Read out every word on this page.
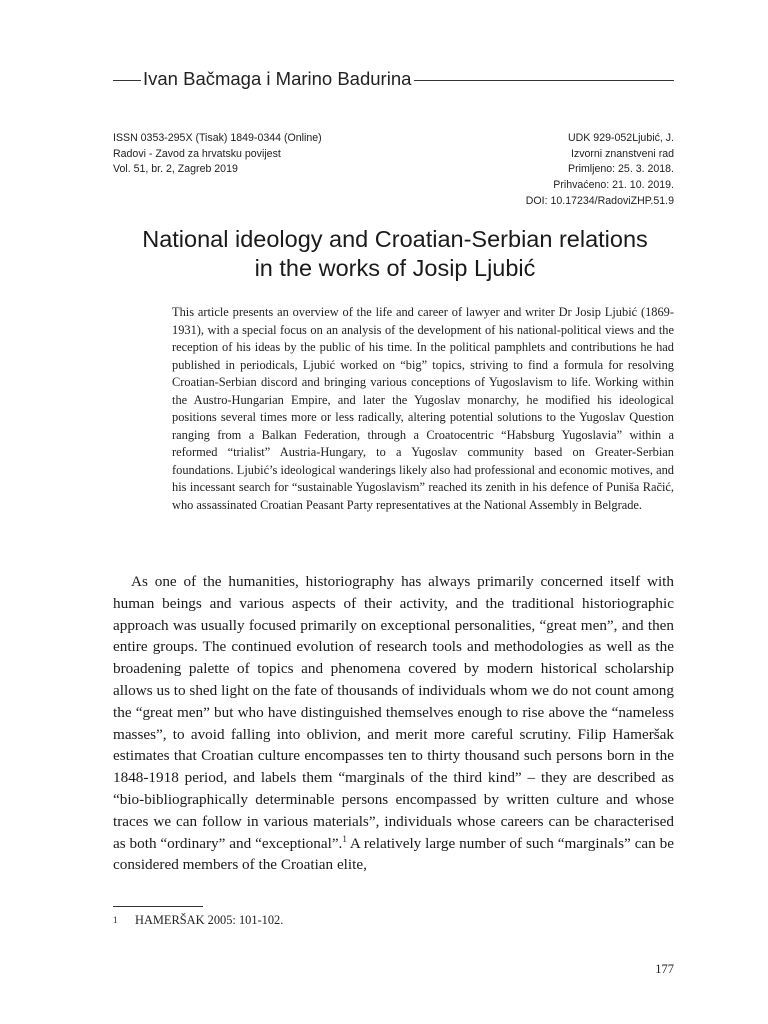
Ivan Bačmaga i Marino Badurina
ISSN 0353-295X (Tisak) 1849-0344 (Online)
Radovi - Zavod za hrvatsku povijest
Vol. 51, br. 2, Zagreb 2019
UDK 929-052Ljubić, J.
Izvorni znanstveni rad
Primljeno: 25. 3. 2018.
Prihvaćeno: 21. 10. 2019.
DOI: 10.17234/RadoviZHP.51.9
National ideology and Croatian-Serbian relations
in the works of Josip Ljubić
This article presents an overview of the life and career of lawyer and writer Dr Josip Ljubić (1869-1931), with a special focus on an analysis of the development of his national-political views and the reception of his ideas by the public of his time. In the political pamphlets and contributions he had published in periodicals, Ljubić worked on “big” topics, striving to find a formula for resolving Croatian-Serbian discord and bringing various conceptions of Yugoslavism to life. Working within the Austro-Hungarian Empire, and later the Yugoslav monarchy, he modified his ideological positions several times more or less radically, altering potential solutions to the Yugoslav Question ranging from a Balkan Federation, through a Croatocentric “Habsburg Yugoslavia” within a reformed “trialist” Austria-Hungary, to a Yugoslav community based on Greater-Serbian foundations. Ljubić’s ideological wanderings likely also had professional and economic motives, and his incessant search for “sustainable Yugoslavism” reached its zenith in his defence of Puniša Račić, who assassinated Croatian Peasant Party representatives at the National Assembly in Belgrade.

As one of the humanities, historiography has always primarily concerned itself with human beings and various aspects of their activity, and the traditional historiographic approach was usually focused primarily on exceptional personalities, “great men”, and then entire groups. The continued evolution of research tools and methodologies as well as the broadening palette of topics and phenomena covered by modern historical scholarship allows us to shed light on the fate of thousands of individuals whom we do not count among the “great men” but who have distinguished themselves enough to rise above the “nameless masses”, to avoid falling into oblivion, and merit more careful scrutiny. Filip Hameršak estimates that Croatian culture encompasses ten to thirty thousand such persons born in the 1848-1918 period, and labels them “marginals of the third kind” – they are described as “bio-bibliographically determinable persons encompassed by written culture and whose traces we can follow in various materials”, individuals whose careers can be characterised as both “ordinary” and “exceptional”.$^1$ A relatively large number of such “marginals” can be considered members of the Croatian elite,

1 HAMERŠAK 2005: 101-102.
177
